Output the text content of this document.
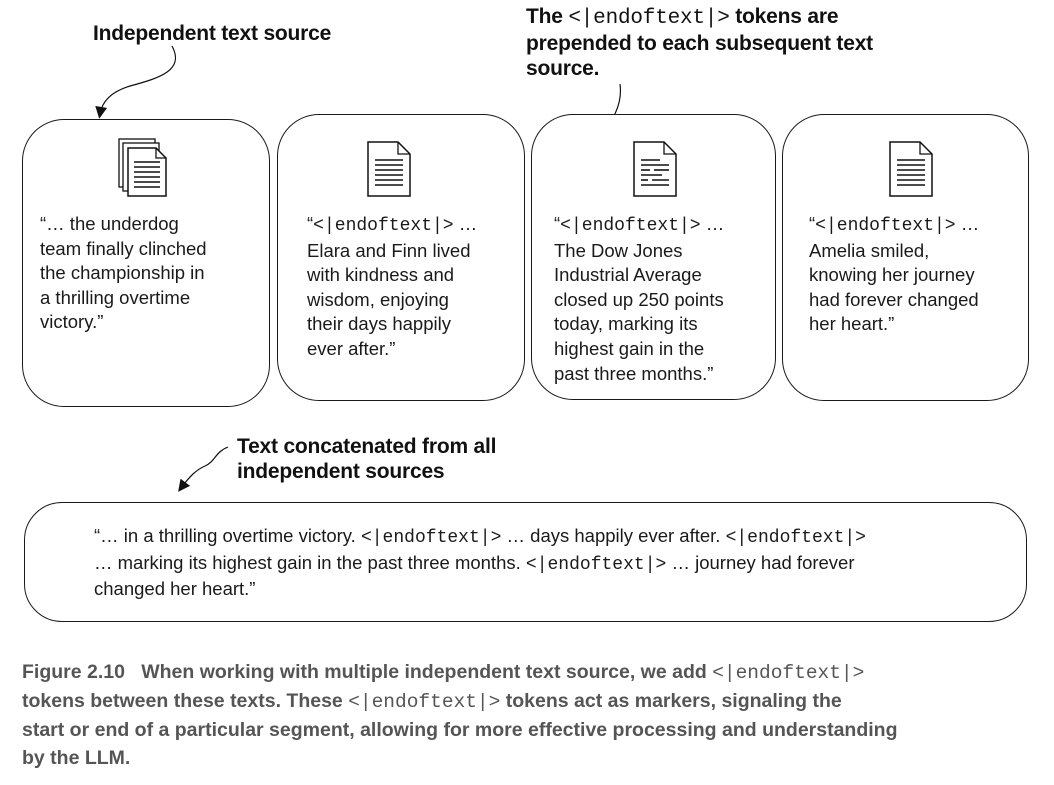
Independent text source
The <|endoftext|> tokens are
prepended to each subsequent text
source.
Text concatenated from all
independent sources
“… the underdog
team finally clinched
the championship in
a thrilling overtime
victory.”
“<|endoftext|> …
Elara and Finn lived
with kindness and
wisdom, enjoying
their days happily
ever after.”
“<|endoftext|> …
The Dow Jones
Industrial Average
closed up 250 points
today, marking its
highest gain in the
past three months.”
“<|endoftext|> …
Amelia smiled,
knowing her journey
had forever changed
her heart.”
“… in a thrilling overtime victory. <|endoftext|> … days happily ever after. <|endoftext|>
… marking its highest gain in the past three months. <|endoftext|> … journey had forever
changed her heart.”
Figure 2.10 When working with multiple independent text source, we add <|endoftext|>
tokens between these texts. These <|endoftext|> tokens act as markers, signaling the
start or end of a particular segment, allowing for more effective processing and understanding
by the LLM.
